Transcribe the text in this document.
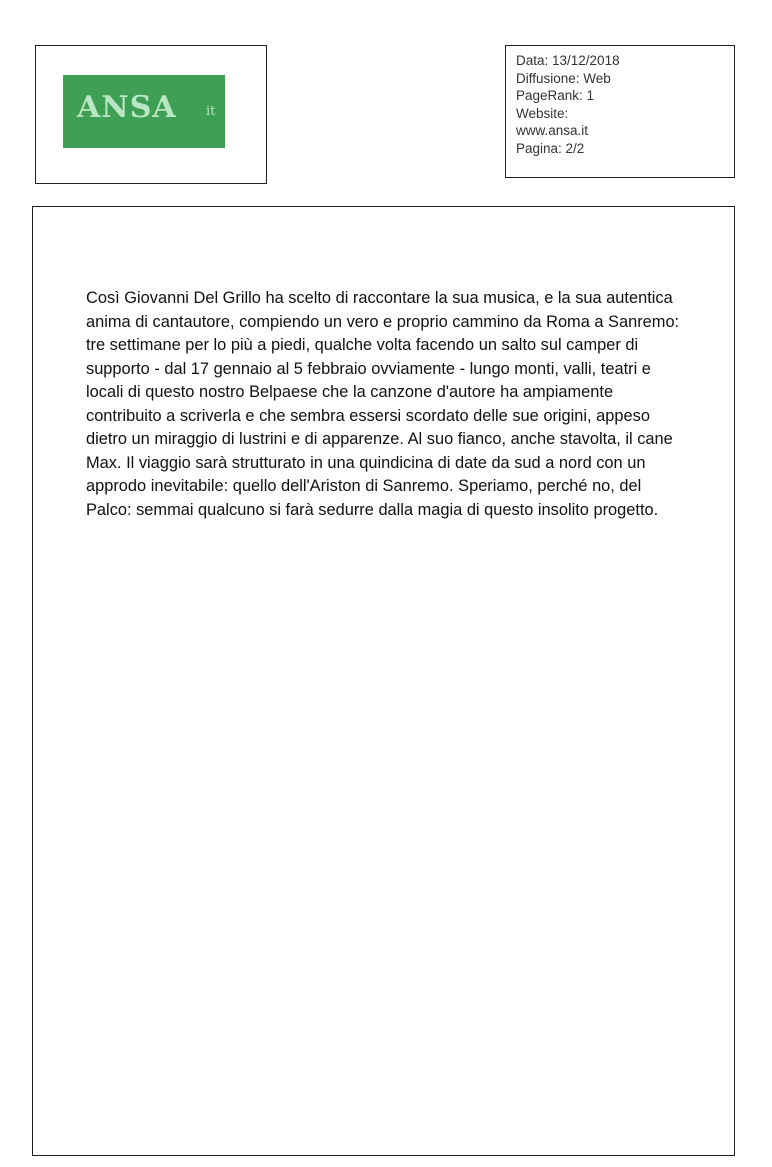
ANSA it
Data: 13/12/2018
Diffusione: Web
PageRank: 1
Website:
www.ansa.it
Pagina: 2/2
Così Giovanni Del Grillo ha scelto di raccontare la sua musica, e la sua autentica anima di cantautore, compiendo un vero e proprio cammino da Roma a Sanremo: tre settimane per lo più a piedi, qualche volta facendo un salto sul camper di supporto - dal 17 gennaio al 5 febbraio ovviamente - lungo monti, valli, teatri e locali di questo nostro Belpaese che la canzone d'autore ha ampiamente contribuito a scriverla e che sembra essersi scordato delle sue origini, appeso dietro un miraggio di lustrini e di apparenze. Al suo fianco, anche stavolta, il cane Max. Il viaggio sarà strutturato in una quindicina di date da sud a nord con un approdo inevitabile: quello dell'Ariston di Sanremo. Speriamo, perché no, del Palco: semmai qualcuno si farà sedurre dalla magia di questo insolito progetto.
